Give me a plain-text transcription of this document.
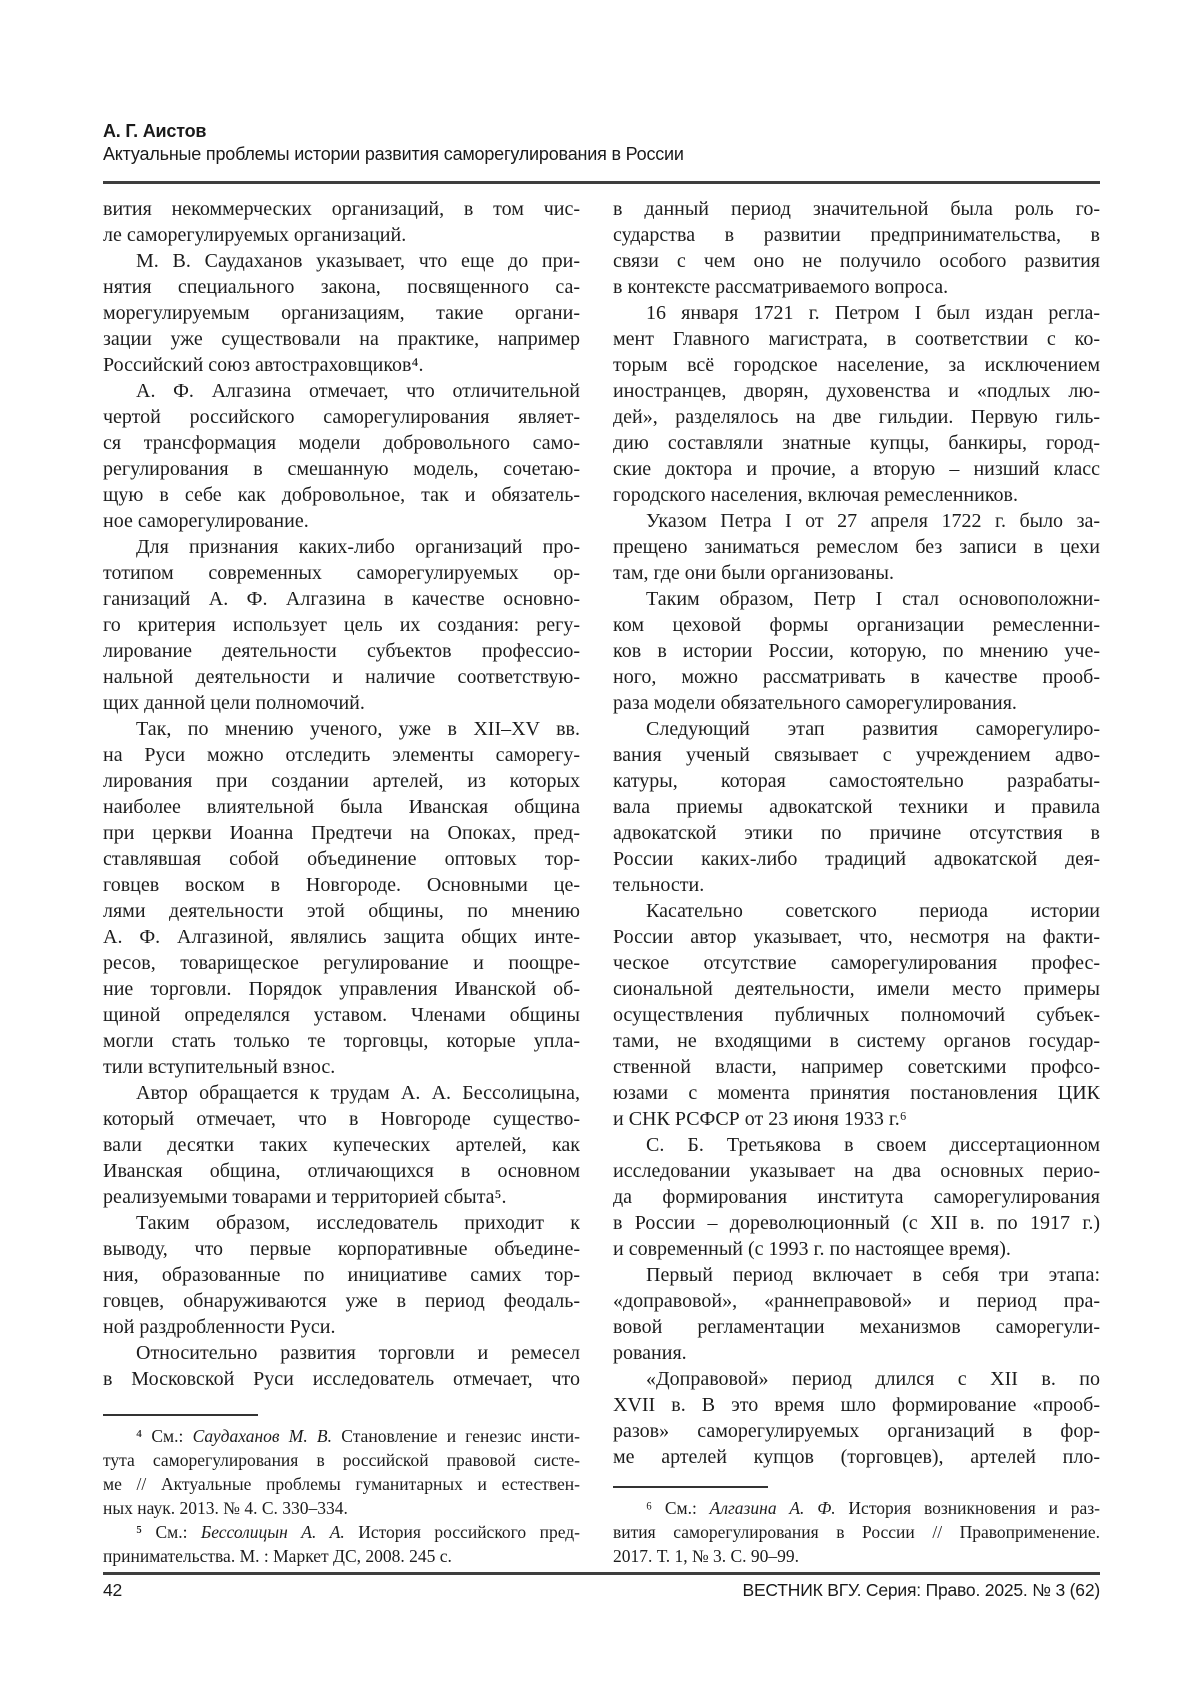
А. Г. Аистов
Актуальные проблемы истории развития саморегулирования в России
вития некоммерческих организаций, в том чис-
ле саморегулируемых организаций.
М. В. Саудаханов указывает, что еще до при-
нятия специального закона, посвященного са-
морегулируемым организациям, такие органи-
зации уже существовали на практике, например
Российский союз автостраховщиков⁴.
А. Ф. Алгазина отмечает, что отличительной
чертой российского саморегулирования являет-
ся трансформация модели добровольного само-
регулирования в смешанную модель, сочетаю-
щую в себе как добровольное, так и обязатель-
ное саморегулирование.
Для признания каких-либо организаций про-
тотипом современных саморегулируемых ор-
ганизаций А. Ф. Алгазина в качестве основно-
го критерия использует цель их создания: регу-
лирование деятельности субъектов профессио-
нальной деятельности и наличие соответствую-
щих данной цели полномочий.
Так, по мнению ученого, уже в XII–XV вв.
на Руси можно отследить элементы саморегу-
лирования при создании артелей, из которых
наиболее влиятельной была Иванская община
при церкви Иоанна Предтечи на Опоках, пред-
ставлявшая собой объединение оптовых тор-
говцев воском в Новгороде. Основными це-
лями деятельности этой общины, по мнению
А. Ф. Алгазиной, являлись защита общих инте-
ресов, товарищеское регулирование и поощре-
ние торговли. Порядок управления Иванской об-
щиной определялся уставом. Членами общины
могли стать только те торговцы, которые упла-
тили вступительный взнос.
Автор обращается к трудам А. А. Бессолицына,
который отмечает, что в Новгороде существо-
вали десятки таких купеческих артелей, как
Иванская община, отличающихся в основном
реализуемыми товарами и территорией сбыта⁵.
Таким образом, исследователь приходит к
выводу, что первые корпоративные объедине-
ния, образованные по инициативе самих тор-
говцев, обнаруживаются уже в период феодаль-
ной раздробленности Руси.
Относительно развития торговли и ремесел
в Московской Руси исследователь отмечает, что
⁴ См.: Саудаханов М. В. Становление и генезис инсти-
тута саморегулирования в российской правовой систе-
ме // Актуальные проблемы гуманитарных и естествен-
ных наук. 2013. № 4. С. 330–334.
⁵ См.: Бессолицын А. А. История российского пред-
принимательства. М. : Маркет ДС, 2008. 245 с.
в данный период значительной была роль го-
сударства в развитии предпринимательства, в
связи с чем оно не получило особого развития
в контексте рассматриваемого вопроса.
16 января 1721 г. Петром I был издан регла-
мент Главного магистрата, в соответствии с ко-
торым всё городское население, за исключением
иностранцев, дворян, духовенства и «подлых лю-
дей», разделялось на две гильдии. Первую гиль-
дию составляли знатные купцы, банкиры, город-
ские доктора и прочие, а вторую – низший класс
городского населения, включая ремесленников.
Указом Петра I от 27 апреля 1722 г. было за-
прещено заниматься ремеслом без записи в цехи
там, где они были организованы.
Таким образом, Петр I стал основоположни-
ком цеховой формы организации ремесленни-
ков в истории России, которую, по мнению уче-
ного, можно рассматривать в качестве прооб-
раза модели обязательного саморегулирования.
Следующий этап развития саморегулиро-
вания ученый связывает с учреждением адво-
катуры, которая самостоятельно разрабаты-
вала приемы адвокатской техники и правила
адвокатской этики по причине отсутствия в
России каких-либо традиций адвокатской дея-
тельности.
Касательно советского периода истории
России автор указывает, что, несмотря на факти-
ческое отсутствие саморегулирования профес-
сиональной деятельности, имели место примеры
осуществления публичных полномочий субъек-
тами, не входящими в систему органов государ-
ственной власти, например советскими профсо-
юзами с момента принятия постановления ЦИК
и СНК РСФСР от 23 июня 1933 г.⁶
С. Б. Третьякова в своем диссертационном
исследовании указывает на два основных перио-
да формирования института саморегулирования
в России – дореволюционный (с XII в. по 1917 г.)
и современный (с 1993 г. по настоящее время).
Первый период включает в себя три этапа:
«доправовой», «раннеправовой» и период пра-
вовой регламентации механизмов саморегули-
рования.
«Доправовой» период длился с XII в. по
XVII в. В это время шло формирование «прооб-
разов» саморегулируемых организаций в фор-
ме артелей купцов (торговцев), артелей пло-
⁶ См.: Алгазина А. Ф. История возникновения и раз-
вития саморегулирования в России // Правоприменение.
2017. Т. 1, № 3. С. 90–99.
42	ВЕСТНИК ВГУ. Серия: Право. 2025. № 3 (62)
